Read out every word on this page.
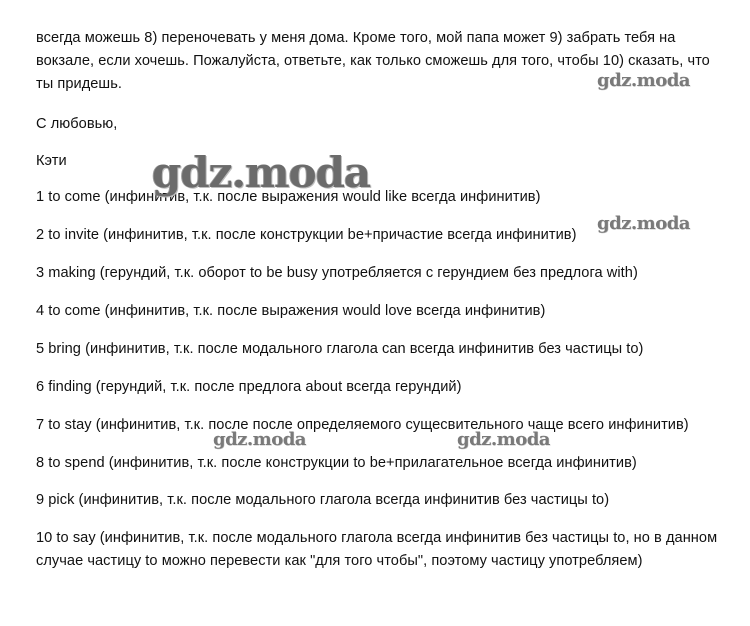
всегда можешь 8) переночевать у меня дома. Кроме того, мой папа может 9) забрать тебя на
вокзале, если хочешь. Пожалуйста, ответьте, как только сможешь для того, чтобы 10) сказать, что
ты придешь.
С любовью,
Кэти
1 to come (инфинитив, т.к. после выражения would like всегда инфинитив)
2 to invite (инфинитив, т.к. после конструкции be+причастие всегда инфинитив)
3 making (герундий, т.к. оборот to be busy употребляется с герундием без предлога with)
4 to come (инфинитив, т.к. после выражения would love всегда инфинитив)
5 bring (инфинитив, т.к. после модального глагола can всегда инфинитив без частицы to)
6 finding (герундий, т.к. после предлога about всегда герундий)
7 to stay (инфинитив, т.к. после после определяемого сущесвительного чаще всего инфинитив)
8 to spend (инфинитив, т.к. после конструкции to be+прилагательное всегда инфинитив)
9 pick (инфинитив, т.к. после модального глагола всегда инфинитив без частицы to)
10 to say (инфинитив, т.к. после модального глагола всегда инфинитив без частицы to, но в данном
случае частицу to можно перевести как "для того чтобы", поэтому частицу употребляем)
gdz.moda
gdz.moda
gdz.moda
gdz.moda	gdz.moda
